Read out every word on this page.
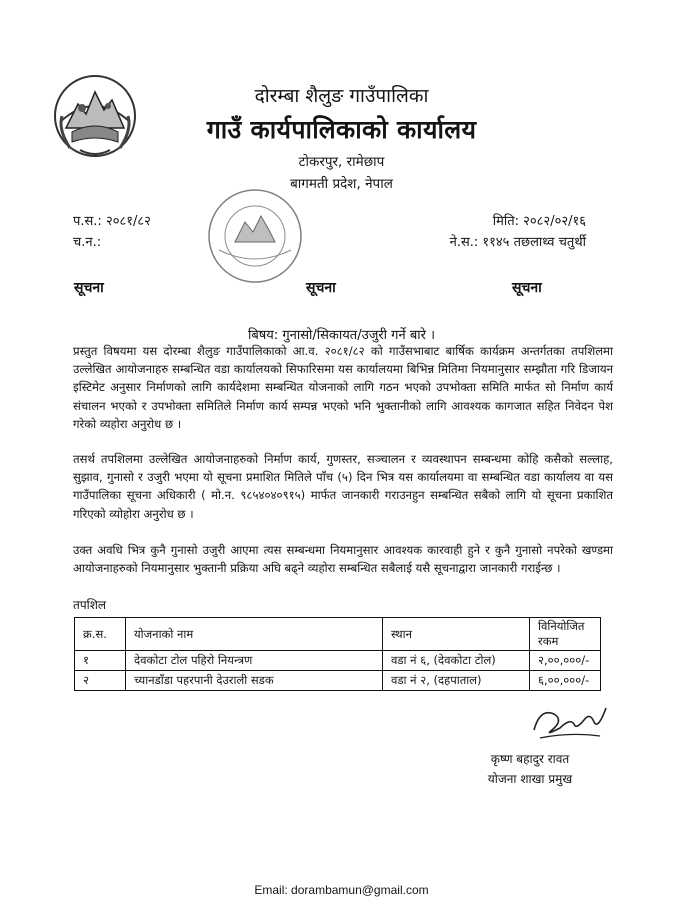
दोरम्बा शैलुङ गाउँपालिका
गाउँ कार्यपालिकाको कार्यालय
टोकरपुर, रामेछाप
बागमती प्रदेश, नेपाल
प.स.: २०८१/८२
च.न.:
मिति: २०८२/०२/१६
ने.स.: ११४५ तछलाथ्व चतुर्थी
सूचना	सूचना	सूचना
बिषय: गुनासो/सिकायत/उजुरी गर्ने बारे ।
प्रस्तुत विषयमा यस दोरम्बा शैलुङ गाउँपालिकाको आ.व. २०८१/८२ को गाउँसभाबाट बार्षिक कार्यक्रम अन्तर्गतका तपशिलमा उल्लेखित आयोजनाहरु सम्बन्धित वडा कार्यालयको सिफारिसमा यस कार्यालयमा बिभिन्न मितिमा नियमानुसार सम्झौता गरि डिजायन इस्टिमेट अनुसार निर्माणको लागि कार्यदेशमा सम्बन्धित योजनाको लागि गठन भएको उपभोक्ता समिति मार्फत सो निर्माण कार्य संचालन भएको र उपभोक्ता समितिले निर्माण कार्य सम्पन्न भएको भनि भुक्तानीको लागि आवश्यक कागजात सहित निवेदन पेश गरेको व्यहोरा अनुरोध छ ।
तसर्थ तपशिलमा उल्लेखित आयोजनाहरुको निर्माण कार्य, गुणस्तर, सञ्चालन र व्यवस्थापन सम्बन्धमा कोहि कसैको सल्लाह, सुझाव, गुनासो र उजुरी भएमा यो सूचना प्रमाशित मितिले पाँच (५) दिन भित्र यस कार्यालयमा वा सम्बन्धित वडा कार्यालय वा यस गाउँपालिका सूचना अधिकारी ( मो.न. ९८५४०४०९१५) मार्फत जानकारी गराउनहुन सम्बन्धित सबैको लागि यो सूचना प्रकाशित गरिएको व्योहोरा अनुरोध छ ।
उक्त अवधि भित्र कुनै गुनासो उजुरी आएमा त्यस सम्बन्धमा नियमानुसार आवश्यक कारवाही हुने र कुनै गुनासो नपरेको खण्डमा आयोजनाहरुको नियमानुसार भुक्तानी प्रक्रिया अघि बढ्ने व्यहोरा सम्बन्धित सबैलाई यसै सूचनाद्वारा जानकारी गराईन्छ ।
तपशिल
क्र.स.	योजनाको नाम	स्थान	विनियोजित रकम
१	देवकोटा टोल पहिरो नियन्त्रण	वडा नं ६, (देवकोटा टोल)	२,००,०००/-
२	च्यानडाँडा पहरपानी देउराली सडक	वडा नं २, (दहपाताल)	६,००,०००/-
कृष्ण बहादुर रावत
योजना शाखा प्रमुख
Email: dorambamun@gmail.com
